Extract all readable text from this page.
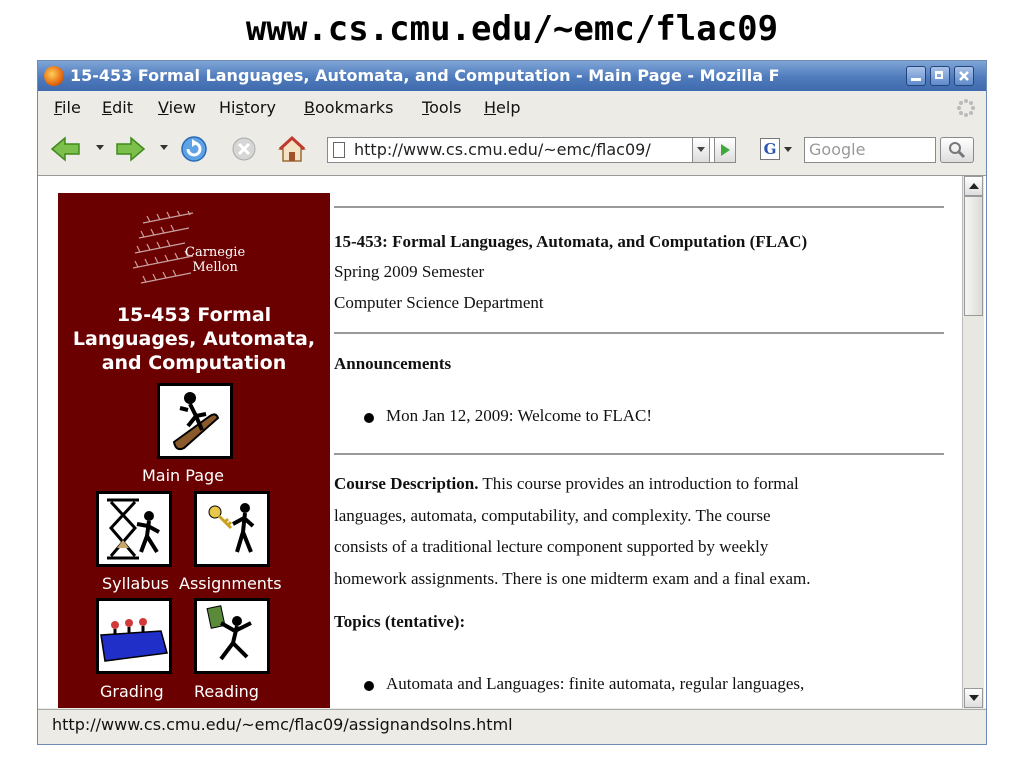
www.cs.cmu.edu/~emc/flac09
15-453 Formal Languages, Automata, and Computation - Main Page - Mozilla F
File Edit View History Bookmarks Tools Help
http://www.cs.cmu.edu/~emc/flac09/	G	Google
Carnegie
Mellon
15-453 Formal
Languages, Automata,
and Computation
Main Page
Syllabus Assignments
Grading Reading

15-453: Formal Languages, Automata, and Computation (FLAC)

Spring 2009 Semester

Computer Science Department

Announcements

Mon Jan 12, 2009: Welcome to FLAC!

Course Description. This course provides an introduction to formal

languages, automata, computability, and complexity. The course

consists of a traditional lecture component supported by weekly

homework assignments. There is one midterm exam and a final exam.

Topics (tentative):

Automata and Languages: finite automata, regular languages,

http://www.cs.cmu.edu/~emc/flac09/assignandsolns.html
